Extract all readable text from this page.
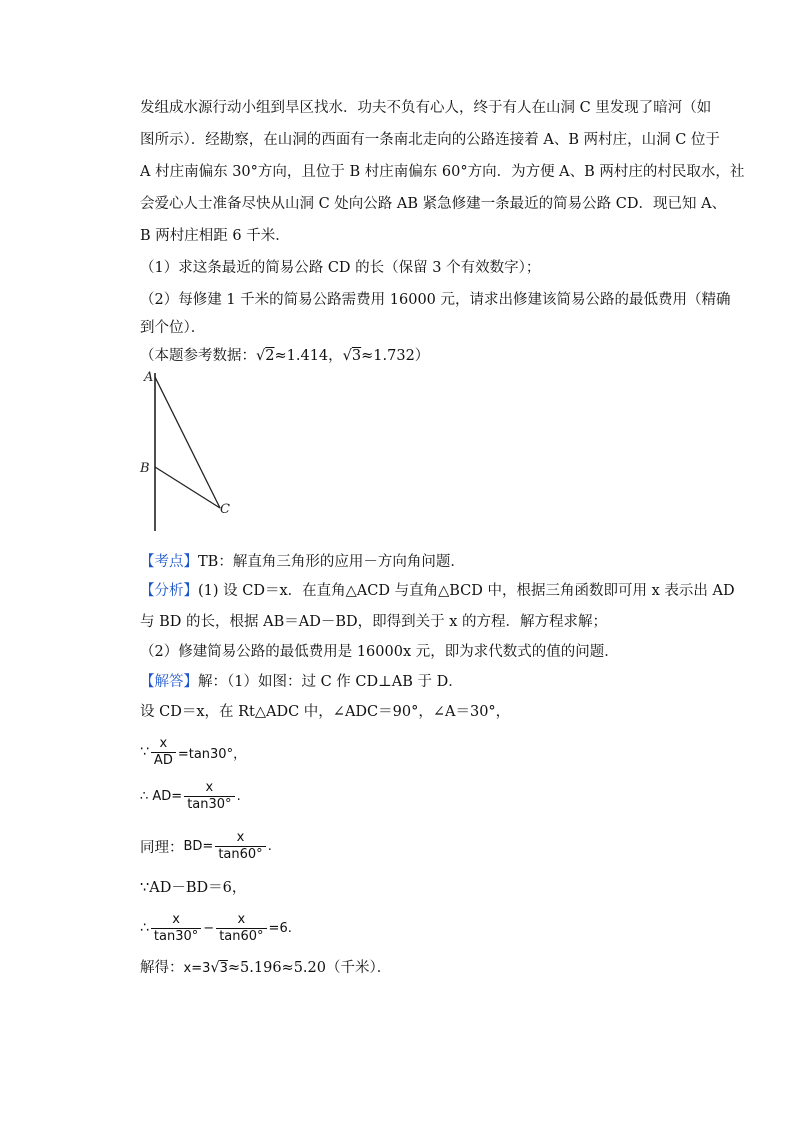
发组成水源行动小组到旱区找水．功夫不负有心人，终于有人在山洞 C 里发现了暗河（如
图所示）．经勘察，在山洞的西面有一条南北走向的公路连接着 A、B 两村庄，山洞 C 位于
A 村庄南偏东 30°方向，且位于 B 村庄南偏东 60°方向．为方便 A、B 两村庄的村民取水，社
会爱心人士准备尽快从山洞 C 处向公路 AB 紧急修建一条最近的简易公路 CD．现已知 A、
B 两村庄相距 6 千米．
（1）求这条最近的简易公路 CD 的长（保留 3 个有效数字）；
（2）每修建 1 千米的简易公路需费用 16000 元，请求出修建该简易公路的最低费用（精确
到个位）．
（本题参考数据：√2≈1.414，√3≈1.732）
A
B
C
【考点】TB：解直角三角形的应用－方向角问题．
【分析】(1) 设 CD＝x．在直角△ACD 与直角△BCD 中，根据三角函数即可用 x 表示出 AD
与 BD 的长，根据 AB＝AD－BD，即得到关于 x 的方程．解方程求解；
（2）修建简易公路的最低费用是 16000x 元，即为求代数式的值的问题．
【解答】解：（1）如图：过 C 作 CD⊥AB 于 D．
设 CD＝x，在 Rt△ADC 中，∠ADC＝90°，∠A＝30°，
∵ $\frac{x}{AD} =\tan 30^\circ$，
∴ $AD= \frac{x}{\tan 30^\circ}$ .
同理： $BD= \frac{x}{\tan 60^\circ}$ .
∵AD－BD＝6，
∴ $\frac{x}{\tan 30^\circ} - \frac{x}{\tan 60^\circ} =6$.
解得：x=3√3≈5.196≈5.20（千米）．
